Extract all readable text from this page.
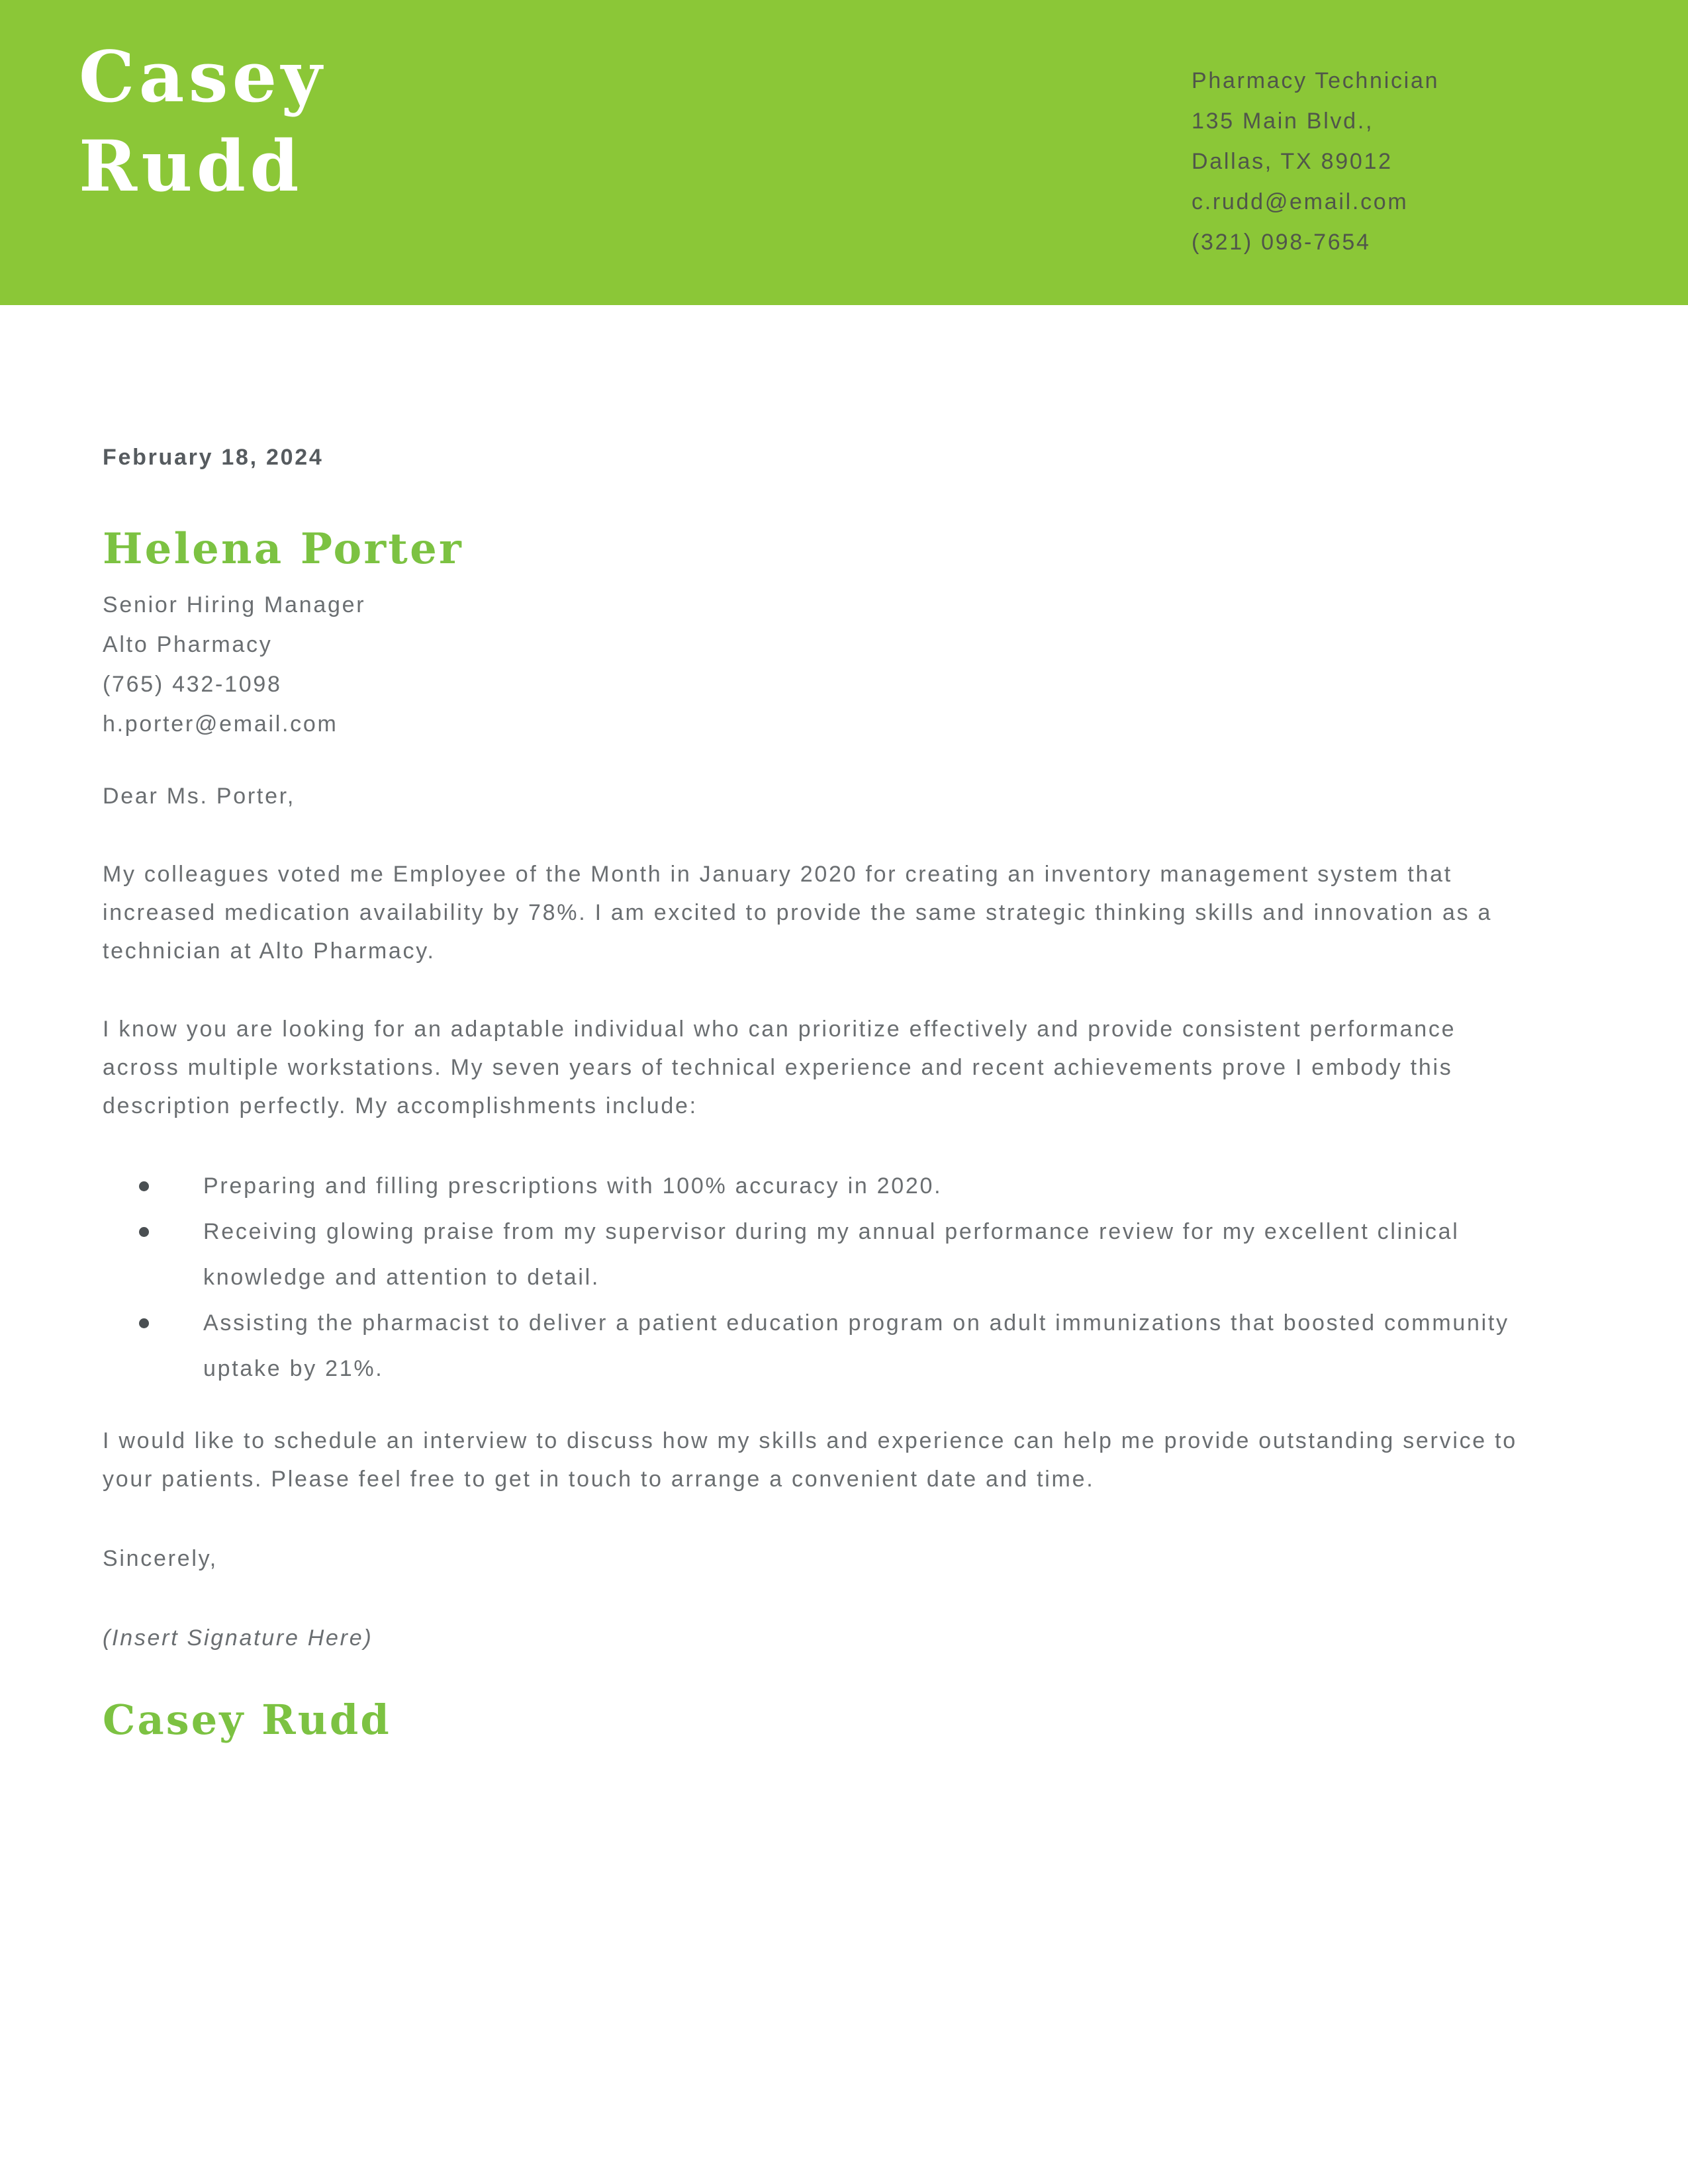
Casey
Rudd
Pharmacy Technician
135 Main Blvd.,
Dallas, TX 89012
c.rudd@email.com
(321) 098-7654

February 18, 2024

Helena Porter
Senior Hiring Manager
Alto Pharmacy
(765) 432-1098
h.porter@email.com

Dear Ms. Porter,

My colleagues voted me Employee of the Month in January 2020 for creating an inventory management system that increased medication availability by 78%. I am excited to provide the same strategic thinking skills and innovation as a technician at Alto Pharmacy.

I know you are looking for an adaptable individual who can prioritize effectively and provide consistent performance across multiple workstations. My seven years of technical experience and recent achievements prove I embody this description perfectly. My accomplishments include:

Preparing and filling prescriptions with 100% accuracy in 2020.
Receiving glowing praise from my supervisor during my annual performance review for my excellent clinical knowledge and attention to detail.
Assisting the pharmacist to deliver a patient education program on adult immunizations that boosted community uptake by 21%.

I would like to schedule an interview to discuss how my skills and experience can help me provide outstanding service to your patients. Please feel free to get in touch to arrange a convenient date and time.

Sincerely,

(Insert Signature Here)

Casey Rudd
